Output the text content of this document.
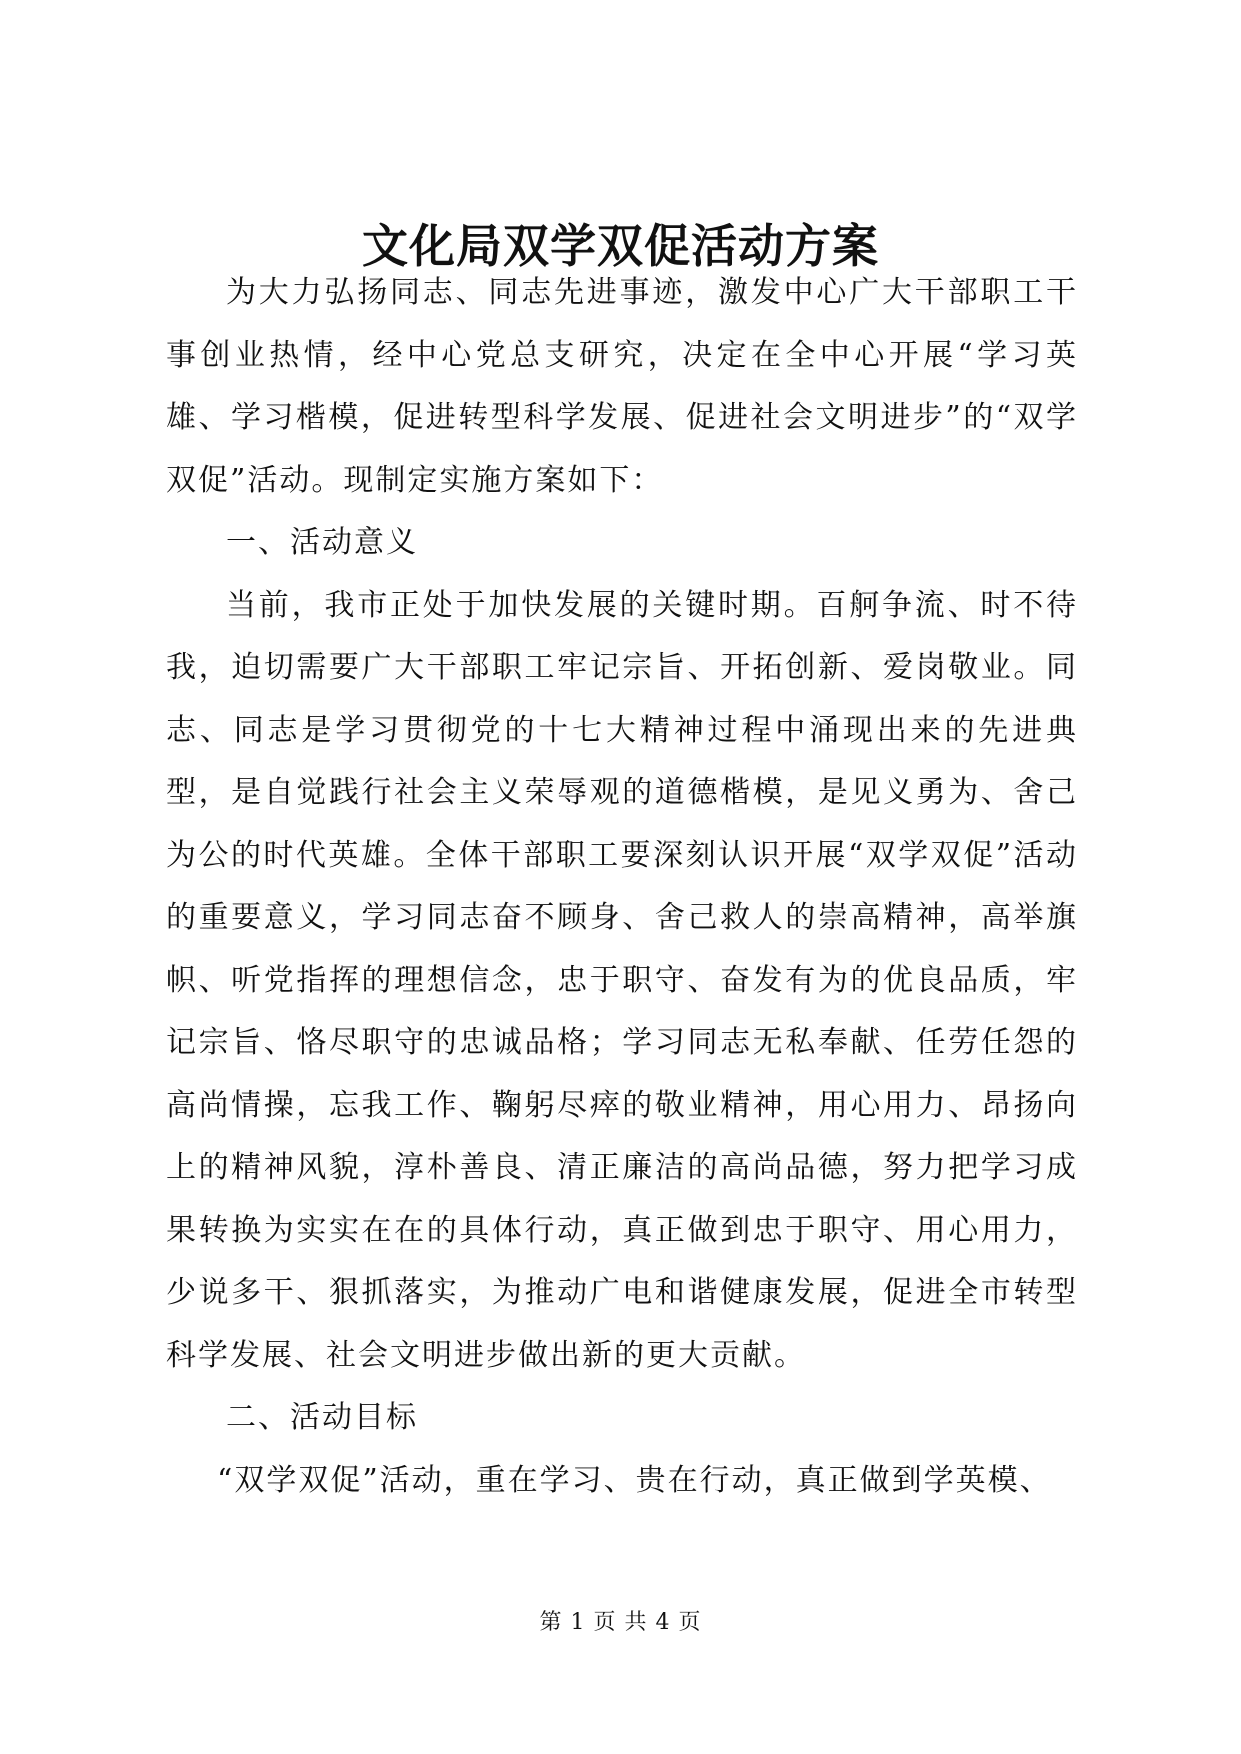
文化局双学双促活动方案

为大力弘扬同志、同志先进事迹，激发中心广大干部职工干事创业热情，经中心党总支研究，决定在全中心开展“学习英雄、学习楷模，促进转型科学发展、促进社会文明进步”的“双学双促”活动。现制定实施方案如下：

一、活动意义

当前，我市正处于加快发展的关键时期。百舸争流、时不待我，迫切需要广大干部职工牢记宗旨、开拓创新、爱岗敬业。同志、同志是学习贯彻党的十七大精神过程中涌现出来的先进典型，是自觉践行社会主义荣辱观的道德楷模，是见义勇为、舍己为公的时代英雄。全体干部职工要深刻认识开展“双学双促”活动的重要意义，学习同志奋不顾身、舍己救人的崇高精神，高举旗帜、听党指挥的理想信念，忠于职守、奋发有为的优良品质，牢记宗旨、恪尽职守的忠诚品格；学习同志无私奉献、任劳任怨的高尚情操，忘我工作、鞠躬尽瘁的敬业精神，用心用力、昂扬向上的精神风貌，淳朴善良、清正廉洁的高尚品德，努力把学习成果转换为实实在在的具体行动，真正做到忠于职守、用心用力，少说多干、狠抓落实，为推动广电和谐健康发展，促进全市转型科学发展、社会文明进步做出新的更大贡献。

二、活动目标

“双学双促”活动，重在学习、贵在行动，真正做到学英模、

第 1 页 共 4 页
